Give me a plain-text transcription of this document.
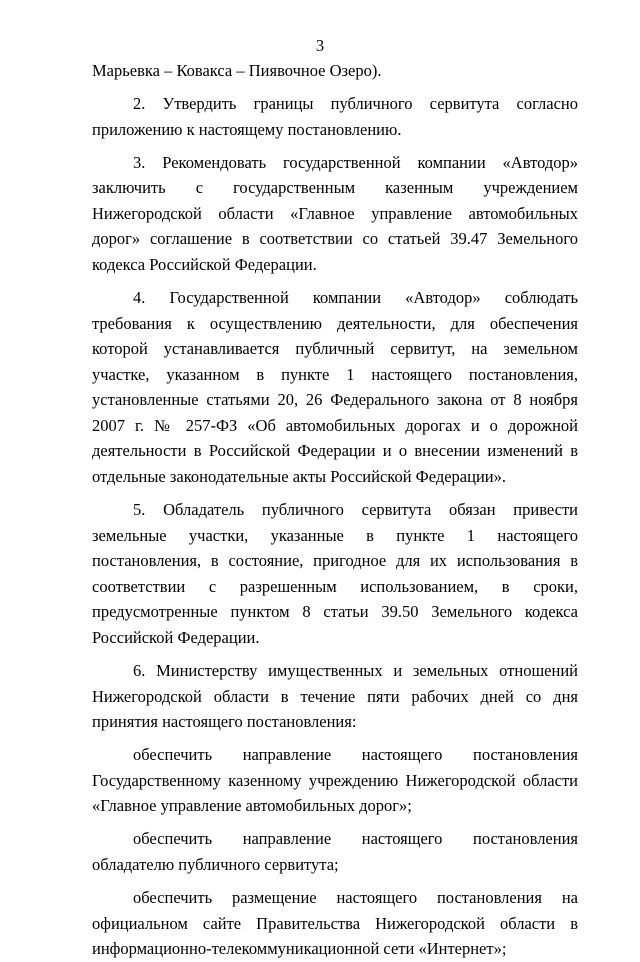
3

Марьевка – Ковакса – Пиявочное Озеро).

2. Утвердить границы публичного сервитута согласно приложению к настоящему постановлению.

3. Рекомендовать государственной компании «Автодор» заключить с государственным казенным учреждением Нижегородской области «Главное управление автомобильных дорог» соглашение в соответствии со статьей 39.47 Земельного кодекса Российской Федерации.

4. Государственной компании «Автодор» соблюдать требования к осуществлению деятельности, для обеспечения которой устанавливается публичный сервитут, на земельном участке, указанном в пункте 1 настоящего постановления, установленные статьями 20, 26 Федерального закона от 8 ноября 2007 г. № 257-ФЗ «Об автомобильных дорогах и о дорожной деятельности в Российской Федерации и о внесении изменений в отдельные законодательные акты Российской Федерации».

5. Обладатель публичного сервитута обязан привести земельные участки, указанные в пункте 1 настоящего постановления, в состояние, пригодное для их использования в соответствии с разрешенным использованием, в сроки, предусмотренные пунктом 8 статьи 39.50 Земельного кодекса Российской Федерации.

6. Министерству имущественных и земельных отношений Нижегородской области в течение пяти рабочих дней со дня принятия настоящего постановления:

обеспечить направление настоящего постановления Государственному казенному учреждению Нижегородской области «Главное управление автомобильных дорог»;

обеспечить направление настоящего постановления обладателю публичного сервитута;

обеспечить размещение настоящего постановления на официальном сайте Правительства Нижегородской области в информационно-телекоммуникационной сети «Интернет»;
